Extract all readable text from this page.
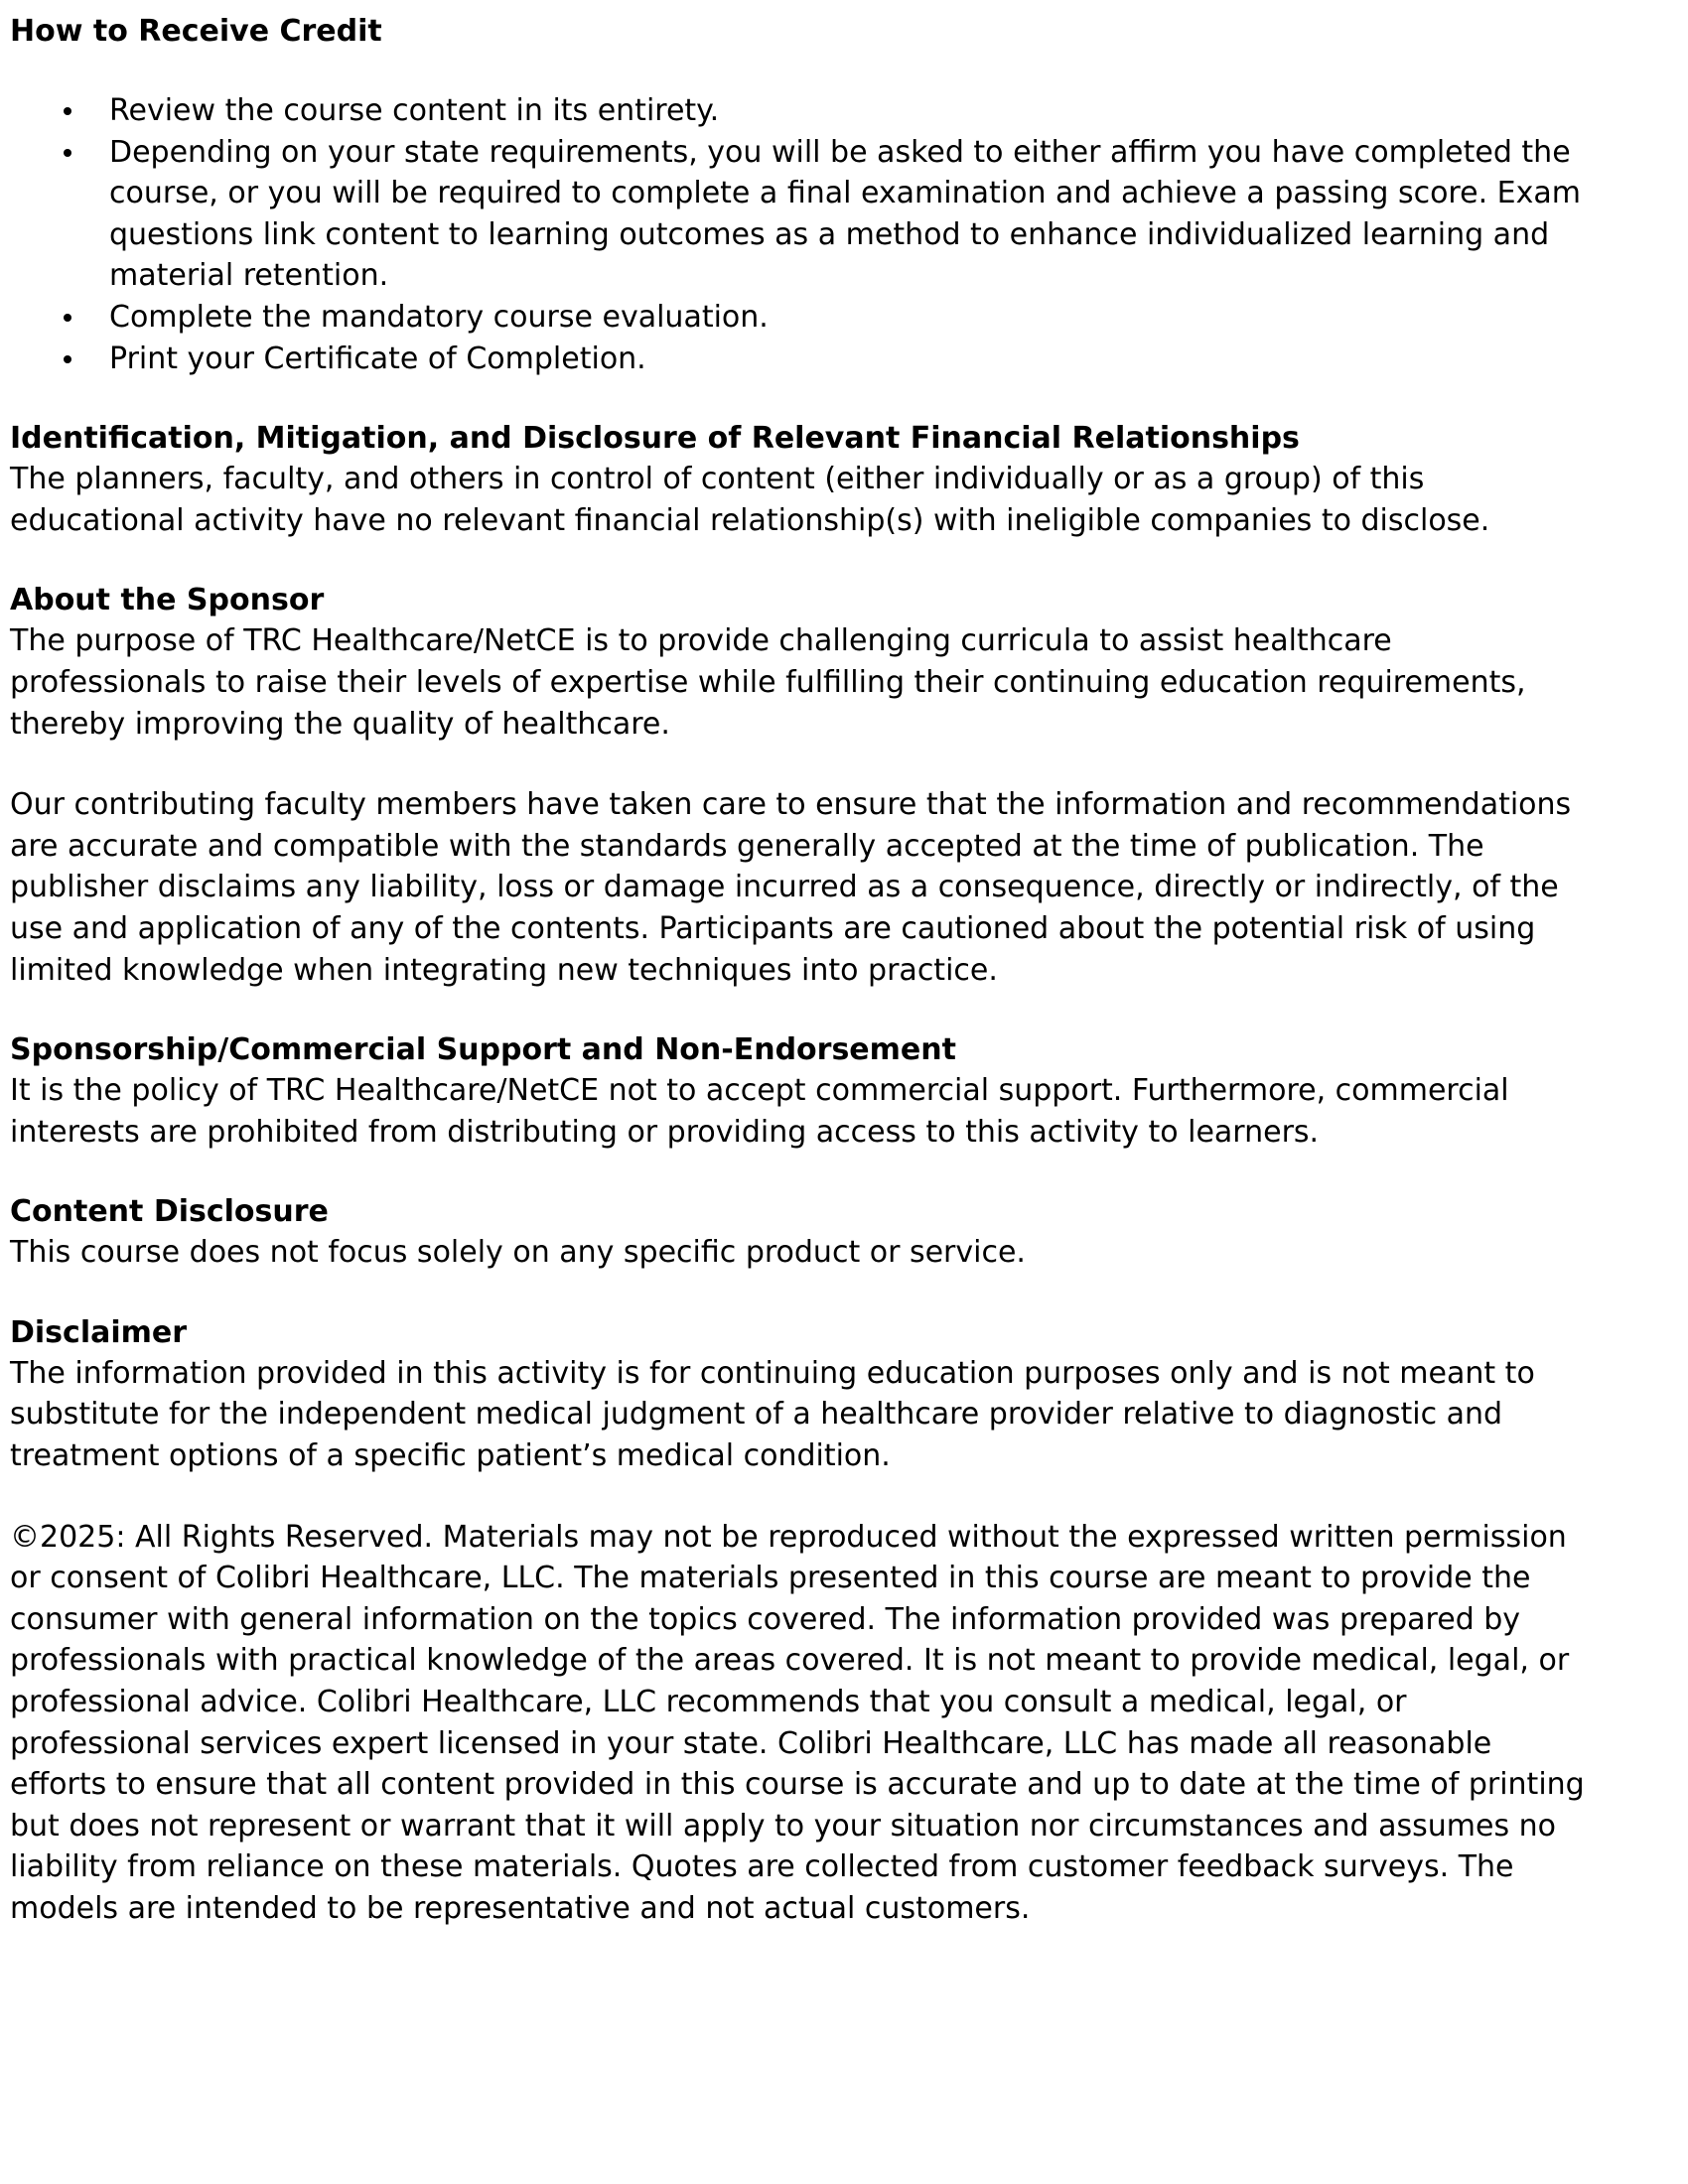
How to Receive Credit
Review the course content in its entirety.
Depending on your state requirements, you will be asked to either affirm you have completed the course, or you will be required to complete a final examination and achieve a passing score. Exam questions link content to learning outcomes as a method to enhance individualized learning and material retention.
Complete the mandatory course evaluation.
Print your Certificate of Completion.
Identification, Mitigation, and Disclosure of Relevant Financial Relationships

The planners, faculty, and others in control of content (either individually or as a group) of this educational activity have no relevant financial relationship(s) with ineligible companies to disclose.

About the Sponsor

The purpose of TRC Healthcare/NetCE is to provide challenging curricula to assist healthcare professionals to raise their levels of expertise while fulfilling their continuing education requirements, thereby improving the quality of healthcare.

Our contributing faculty members have taken care to ensure that the information and recommendations are accurate and compatible with the standards generally accepted at the time of publication. The publisher disclaims any liability, loss or damage incurred as a consequence, directly or indirectly, of the use and application of any of the contents. Participants are cautioned about the potential risk of using limited knowledge when integrating new techniques into practice.

Sponsorship/Commercial Support and Non-Endorsement

It is the policy of TRC Healthcare/NetCE not to accept commercial support. Furthermore, commercial interests are prohibited from distributing or providing access to this activity to learners.

Content Disclosure

This course does not focus solely on any specific product or service.

Disclaimer

The information provided in this activity is for continuing education purposes only and is not meant to substitute for the independent medical judgment of a healthcare provider relative to diagnostic and treatment options of a specific patient’s medical condition.

©2025: All Rights Reserved. Materials may not be reproduced without the expressed written permission or consent of Colibri Healthcare, LLC. The materials presented in this course are meant to provide the consumer with general information on the topics covered. The information provided was prepared by professionals with practical knowledge of the areas covered. It is not meant to provide medical, legal, or professional advice. Colibri Healthcare, LLC recommends that you consult a medical, legal, or professional services expert licensed in your state. Colibri Healthcare, LLC has made all reasonable efforts to ensure that all content provided in this course is accurate and up to date at the time of printing but does not represent or warrant that it will apply to your situation nor circumstances and assumes no liability from reliance on these materials. Quotes are collected from customer feedback surveys. The models are intended to be representative and not actual customers.
